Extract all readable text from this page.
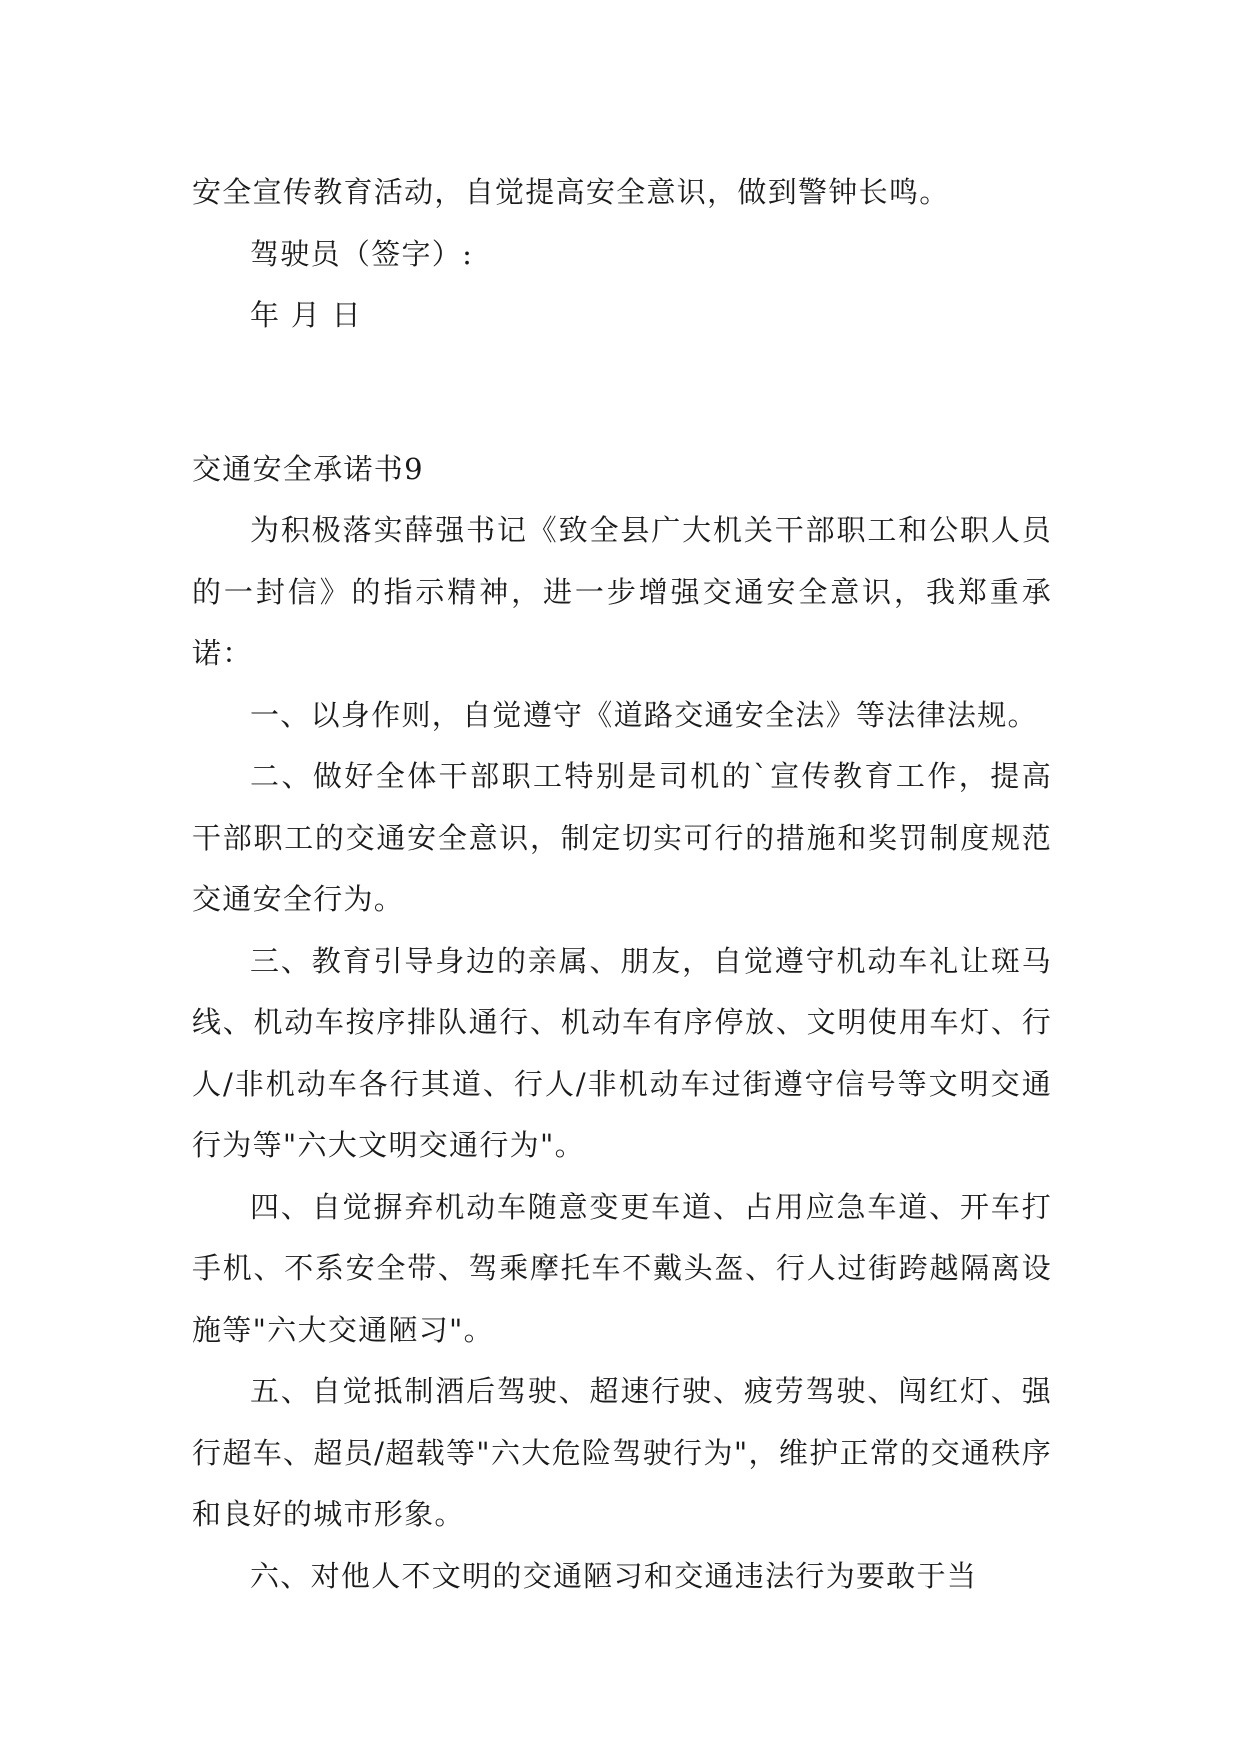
安全宣传教育活动，自觉提高安全意识，做到警钟长鸣。

驾驶员（签字）:

年 月 日

交通安全承诺书9

为积极落实薛强书记《致全县广大机关干部职工和公职人员的一封信》的指示精神，进一步增强交通安全意识，我郑重承诺：

一、以身作则，自觉遵守《道路交通安全法》等法律法规。

二、做好全体干部职工特别是司机的`宣传教育工作，提高干部职工的交通安全意识，制定切实可行的措施和奖罚制度规范交通安全行为。

三、教育引导身边的亲属、朋友，自觉遵守机动车礼让斑马线、机动车按序排队通行、机动车有序停放、文明使用车灯、行人/非机动车各行其道、行人/非机动车过街遵守信号等文明交通行为等"六大文明交通行为"。

四、自觉摒弃机动车随意变更车道、占用应急车道、开车打手机、不系安全带、驾乘摩托车不戴头盔、行人过街跨越隔离设施等"六大交通陋习"。

五、自觉抵制酒后驾驶、超速行驶、疲劳驾驶、闯红灯、强行超车、超员/超载等"六大危险驾驶行为"，维护正常的交通秩序和良好的城市形象。

六、对他人不文明的交通陋习和交通违法行为要敢于当
